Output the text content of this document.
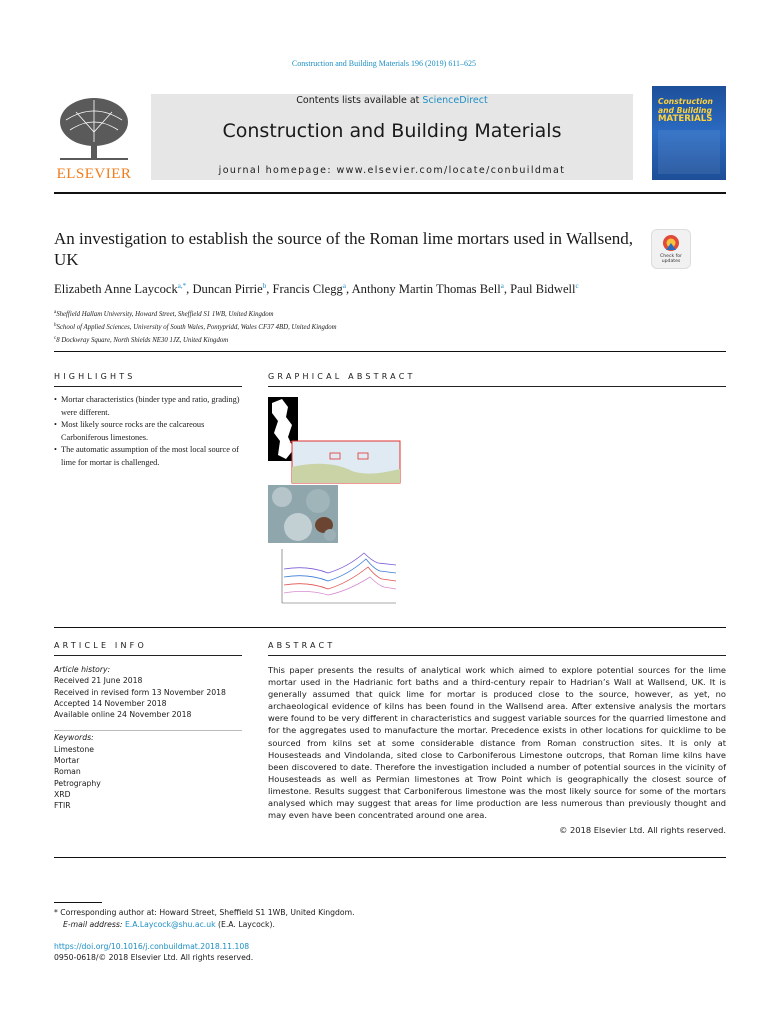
Construction and Building Materials 196 (2019) 611–625
ELSEVIER
Contents lists available at ScienceDirect
Construction and Building Materials
journal homepage: www.elsevier.com/locate/conbuildmat
Construction
and Building
MATERIALS
An investigation to establish the source of the Roman lime mortars used in Wallsend, UK	Check for
updates
Elizabeth Anne Laycock$^{a,*}$, Duncan Pirrie$^b$, Francis Clegg$^a$, Anthony Martin Thomas Bell$^a$, Paul Bidwell$^c$
$^a$Sheffield Hallam University, Howard Street, Sheffield S1 1WB, United Kingdom
$^b$School of Applied Sciences, University of South Wales, Pontypridd, Wales CF37 4BD, United Kingdom
$^c$8 Dockwray Square, North Shields NE30 1JZ, United Kingdom
HIGHLIGHTS
• Mortar characteristics (binder type and ratio, grading) were different.
• Most likely source rocks are the calcareous Carboniferous limestones.
• The automatic assumption of the most local source of lime for mortar is challenged.
GRAPHICAL ABSTRACT
ARTICLE INFO
Article history:
Received 21 June 2018
Received in revised form 13 November 2018
Accepted 14 November 2018
Available online 24 November 2018
Keywords:
Limestone
Mortar
Roman
Petrography
XRD
FTIR
ABSTRACT
This paper presents the results of analytical work which aimed to explore potential sources for the lime mortar used in the Hadrianic fort baths and a third-century repair to Hadrian’s Wall at Wallsend, UK. It is generally assumed that quick lime for mortar is produced close to the source, however, as yet, no archaeological evidence of kilns has been found in the Wallsend area. After extensive analysis the mortars were found to be very different in characteristics and suggest variable sources for the quarried limestone and for the aggregates used to manufacture the mortar. Precedence exists in other locations for quicklime to be sourced from kilns set at some considerable distance from Roman construction sites. It is only at Housesteads and Vindolanda, sited close to Carboniferous Limestone outcrops, that Roman lime kilns have been discovered to date. Therefore the investigation included a number of potential sources in the vicinity of Housesteads as well as Permian limestones at Trow Point which is geographically the closest source of limestone. Results suggest that Carboniferous limestone was the most likely source for some of the mortars analysed which may suggest that areas for lime production are less numerous than previously thought and may even have been concentrated around one area.
© 2018 Elsevier Ltd. All rights reserved.
* Corresponding author at: Howard Street, Sheffield S1 1WB, United Kingdom.
E-mail address: E.A.Laycock@shu.ac.uk (E.A. Laycock).
https://doi.org/10.1016/j.conbuildmat.2018.11.108
0950-0618/© 2018 Elsevier Ltd. All rights reserved.
